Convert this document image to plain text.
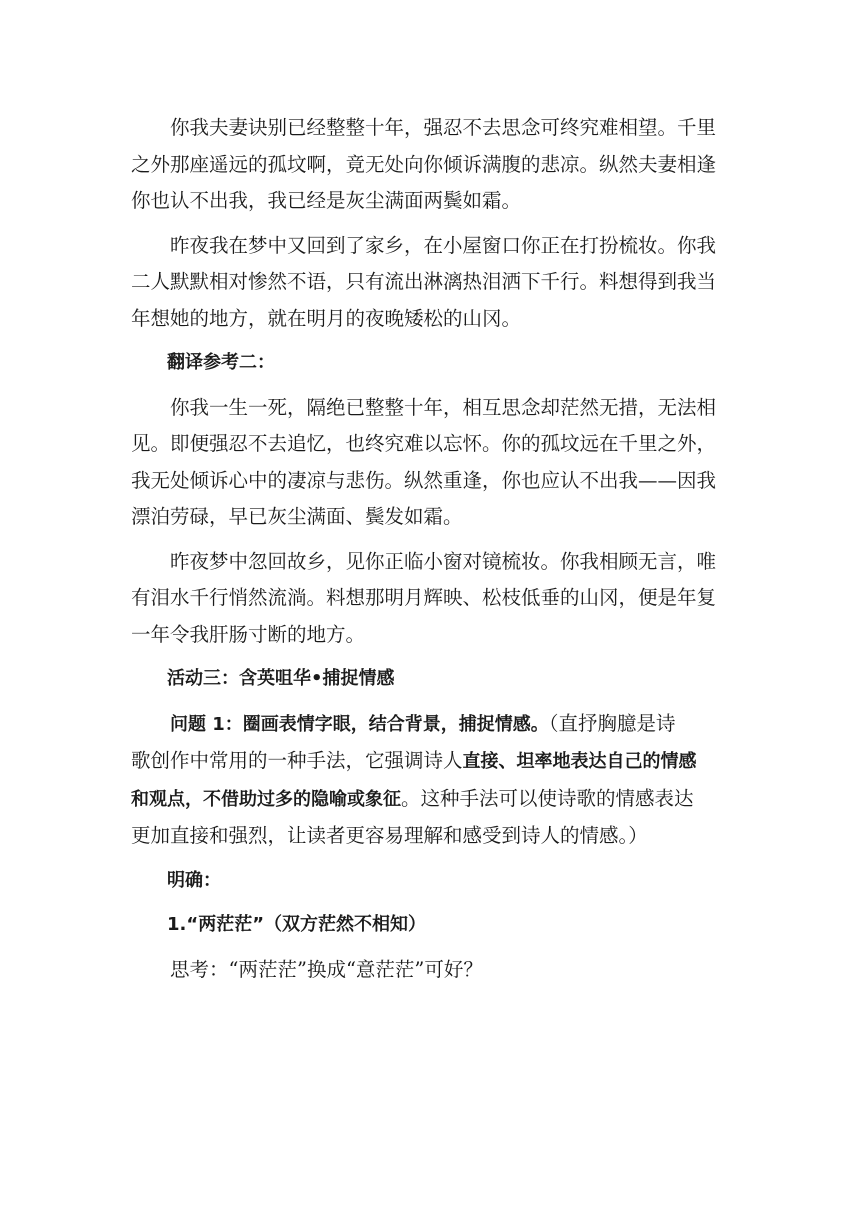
你我夫妻诀别已经整整十年，强忍不去思念可终究难相望。千里
之外那座遥远的孤坟啊，竟无处向你倾诉满腹的悲凉。纵然夫妻相逢
你也认不出我，我已经是灰尘满面两鬓如霜。
昨夜我在梦中又回到了家乡，在小屋窗口你正在打扮梳妆。你我
二人默默相对惨然不语，只有流出淋漓热泪洒下千行。料想得到我当
年想她的地方，就在明月的夜晚矮松的山冈。
翻译参考二：
你我一生一死，隔绝已整整十年，相互思念却茫然无措，无法相
见。即便强忍不去追忆，也终究难以忘怀。你的孤坟远在千里之外，
我无处倾诉心中的凄凉与悲伤。纵然重逢，你也应认不出我——因我
漂泊劳碌，早已灰尘满面、鬓发如霜。
昨夜梦中忽回故乡，见你正临小窗对镜梳妆。你我相顾无言，唯
有泪水千行悄然流淌。料想那明月辉映、松枝低垂的山冈，便是年复
一年令我肝肠寸断的地方。
活动三：含英咀华•捕捉情感
问题 1：圈画表情字眼，结合背景，捕捉情感。（直抒胸臆是诗
歌创作中常用的一种手法，它强调诗人直接、坦率地表达自己的情感
和观点，不借助过多的隐喻或象征。这种手法可以使诗歌的情感表达
更加直接和强烈，让读者更容易理解和感受到诗人的情感。）
明确：
1.“两茫茫”（双方茫然不相知）
思考：“两茫茫”换成“意茫茫”可好？
